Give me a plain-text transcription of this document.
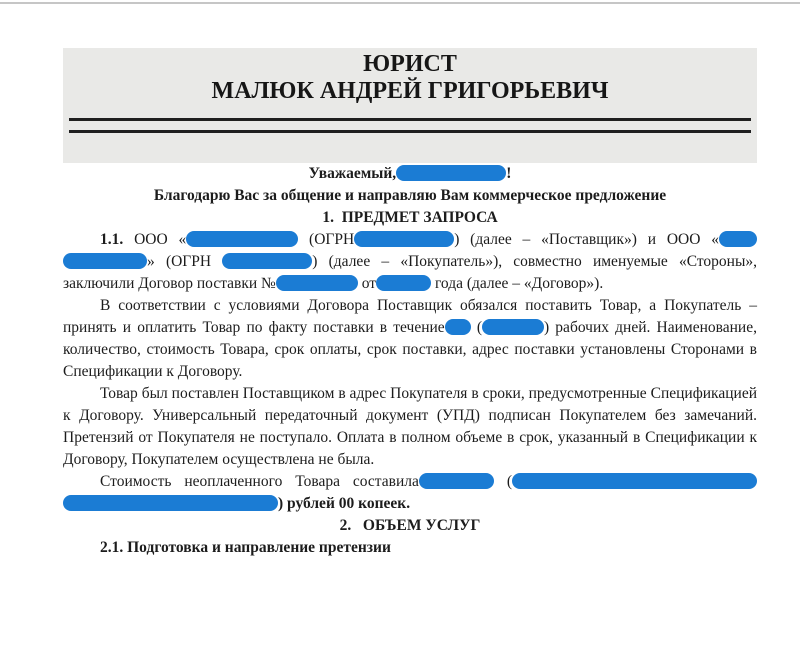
ЮРИСТ
МАЛЮК АНДРЕЙ ГРИГОРЬЕВИЧ

Уважаемый,	!

Благодарю Вас за общение и направляю Вам коммерческое предложение

1.  ПРЕДМЕТ ЗАПРОСА

1.1. ООО «	(ОГРН	) (далее – «Поставщик») и ООО «» (ОГРН	) (далее – «Покупатель»), совместно именуемые «Стороны», заключили Договор поставки №	от	года (далее – «Договор»).

В соответствии с условиями Договора Поставщик обязался поставить Товар, а Покупатель – принять и оплатить Товар по факту поставки в течение (	) рабочих дней. Наименование, количество, стоимость Товара, срок оплаты, срок поставки, адрес поставки установлены Сторонами в Спецификации к Договору.

Товар был поставлен Поставщиком в адрес Покупателя в сроки, предусмотренные Спецификацией к Договору. Универсальный передаточный документ (УПД) подписан Покупателем без замечаний. Претензий от Покупателя не поступало. Оплата в полном объеме в срок, указанный в Спецификации к Договору, Покупателем осуществлена не была.

Стоимость неоплаченного Товара составила	() рублей 00 копеек.

2.   ОБЪЕМ УСЛУГ

2.1. Подготовка и направление претензии
